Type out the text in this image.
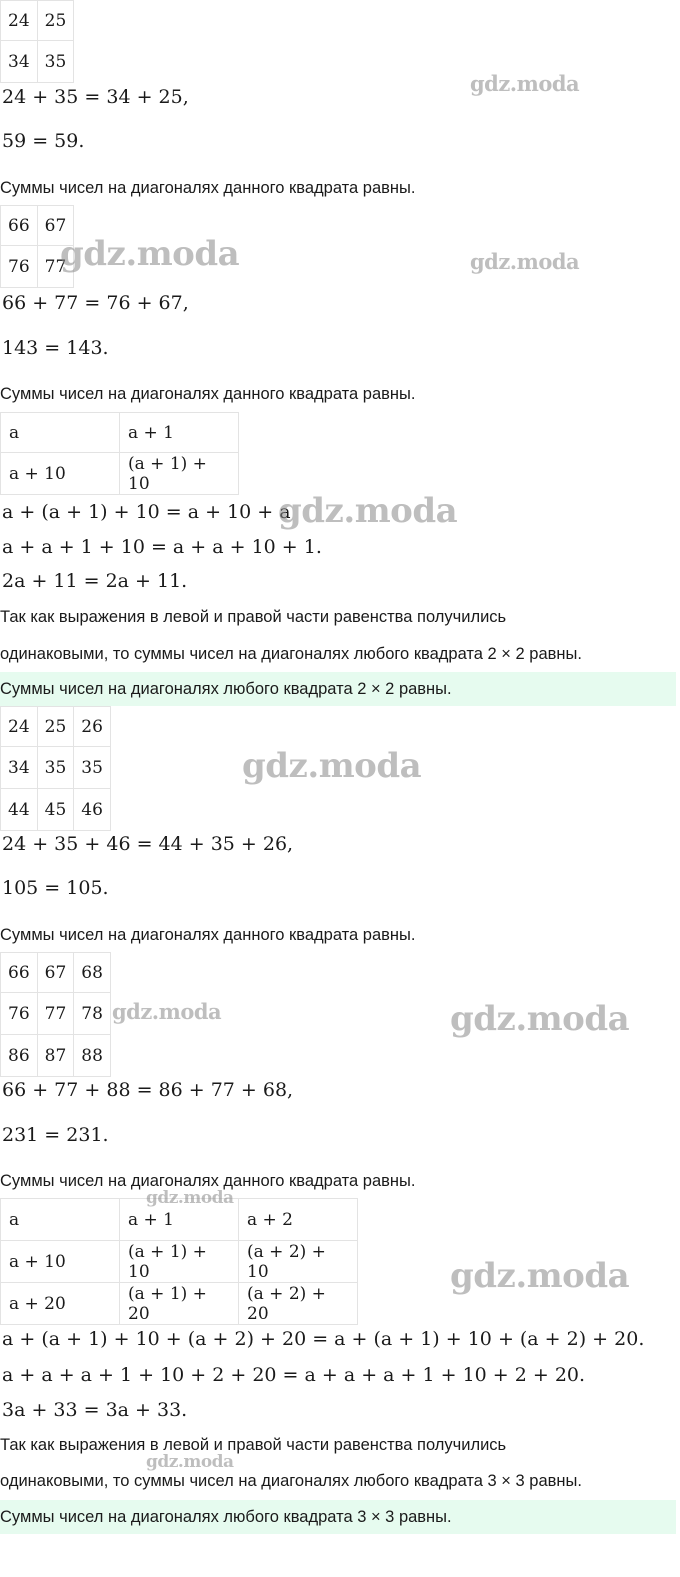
24	25
34	35
24 + 35 = 34 + 25,
59 = 59.
Суммы чисел на диагоналях данного квадрата равны.
66	67
76	77
66 + 77 = 76 + 67,
143 = 143.
Суммы чисел на диагоналях данного квадрата равны.
a	a + 1
a + 10	(a + 1) + 10
a + (a + 1) + 10 = a + 10 + a
a + a + 1 + 10 = a + a + 10 + 1.
2a + 11 = 2a + 11.
Так как выражения в левой и правой части равенства получились
одинаковыми, то суммы чисел на диагоналях любого квадрата 2 × 2 равны.
Суммы чисел на диагоналях любого квадрата 2 × 2 равны.
24	25	26
34	35	35
44	45	46
24 + 35 + 46 = 44 + 35 + 26,
105 = 105.
Суммы чисел на диагоналях данного квадрата равны.
66	67	68
76	77	78
86	87	88
66 + 77 + 88 = 86 + 77 + 68,
231 = 231.
Суммы чисел на диагоналях данного квадрата равны.
a	a + 1	a + 2
a + 10	(a + 1) + 10	(a + 2) + 10
a + 20	(a + 1) + 20	(a + 2) + 20
a + (a + 1) + 10 + (a + 2) + 20 = a + (a + 1) + 10 + (a + 2) + 20.
a + a + a + 1 + 10 + 2 + 20 = a + a + a + 1 + 10 + 2 + 20.
3a + 33 = 3a + 33.
Так как выражения в левой и правой части равенства получились
одинаковыми, то суммы чисел на диагоналях любого квадрата 3 × 3 равны.
Суммы чисел на диагоналях любого квадрата 3 × 3 равны.
gdz.moda
gdz.moda	gdz.moda
gdz.moda
gdz.moda
gdz.moda	gdz.moda
gdz.moda
gdz.moda
gdz.moda
